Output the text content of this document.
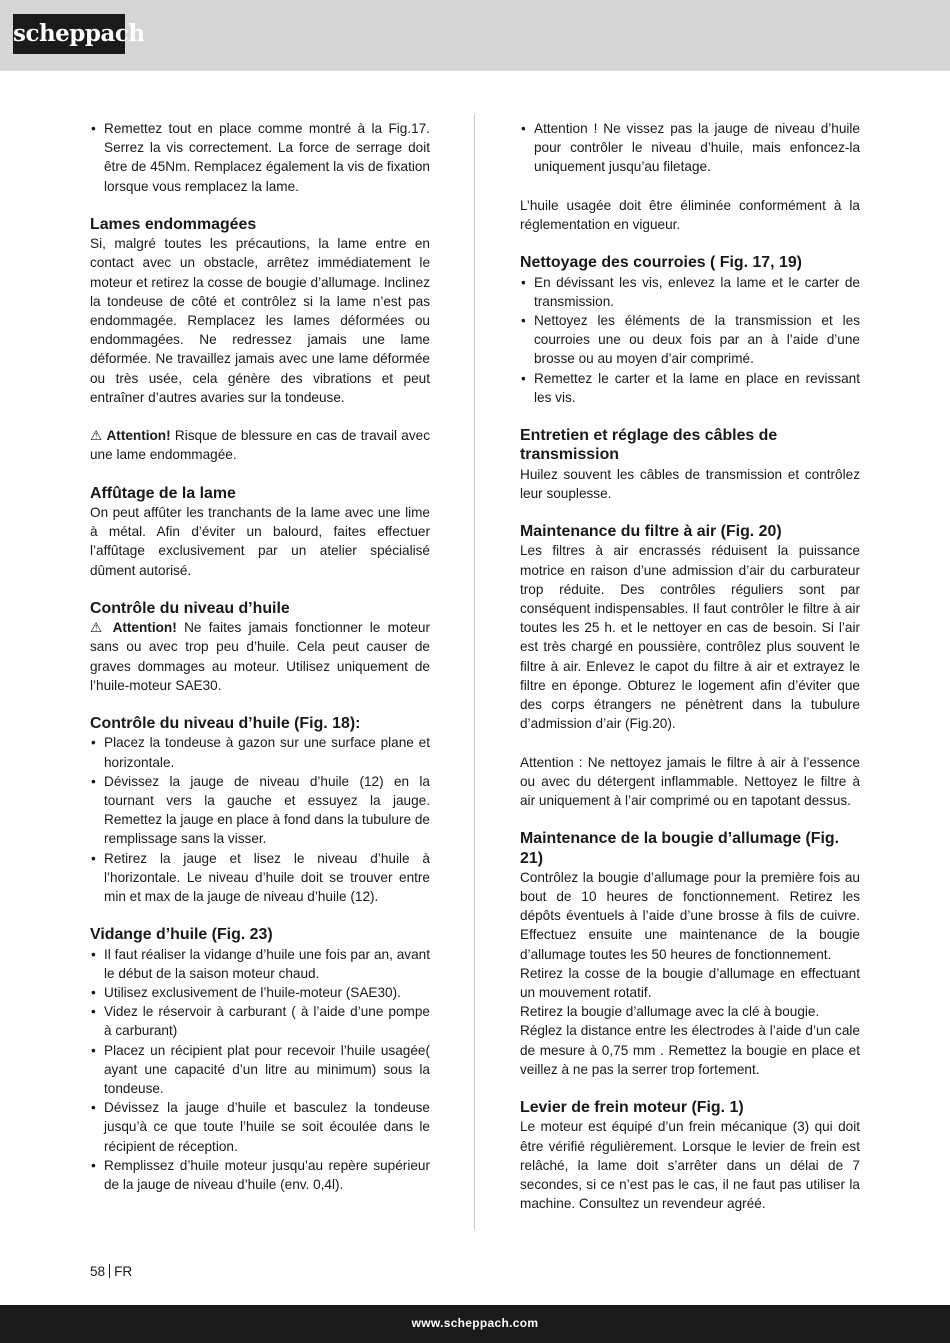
scheppach
• Remettez tout en place comme montré à la Fig.17. Serrez la vis correctement. La force de serrage doit être de 45Nm. Remplacez également la vis de fixation lorsque vous remplacez la lame.
Lames endommagées

Si, malgré toutes les précautions, la lame entre en contact avec un obstacle, arrêtez immédiatement le moteur et retirez la cosse de bougie d’allumage. Inclinez la tondeuse de côté et contrôlez si la lame n’est pas endommagée. Remplacez les lames déformées ou endommagées. Ne redressez jamais une lame déformée. Ne travaillez jamais avec une lame déformée ou très usée, cela génère des vibrations et peut entraîner d’autres avaries sur la tondeuse.

⚠ Attention! Risque de blessure en cas de travail avec une lame endommagée.

Affûtage de la lame

On peut affûter les tranchants de la lame avec une lime à métal. Afin d’éviter un balourd, faites effectuer l’affûtage exclusivement par un atelier spécialisé dûment autorisé.

Contrôle du niveau d’huile

⚠ Attention! Ne faites jamais fonctionner le moteur sans ou avec trop peu d’huile. Cela peut causer de graves dommages au moteur. Utilisez uniquement de l’huile-moteur SAE30.

Contrôle du niveau d’huile (Fig. 18):
• Placez la tondeuse à gazon sur une surface plane et horizontale.
• Dévissez la jauge de niveau d’huile (12) en la tournant vers la gauche et essuyez la jauge. Remettez la jauge en place à fond dans la tubulure de remplissage sans la visser.
• Retirez la jauge et lisez le niveau d’huile à l’horizontale. Le niveau d’huile doit se trouver entre min et max de la jauge de niveau d’huile (12).
Vidange d’huile (Fig. 23)
• Il faut réaliser la vidange d’huile une fois par an, avant le début de la saison moteur chaud.
• Utilisez exclusivement de l’huile-moteur (SAE30).
• Videz le réservoir à carburant ( à l’aide d’une pompe à carburant)
• Placez un récipient plat pour recevoir l’huile usagée( ayant une capacité d’un litre au minimum) sous la tondeuse.
• Dévissez la jauge d’huile et basculez la tondeuse jusqu’à ce que toute l’huile se soit écoulée dans le récipient de réception.
• Remplissez d’huile moteur jusqu’au repère supérieur de la jauge de niveau d’huile (env. 0,4l).
• Attention ! Ne vissez pas la jauge de niveau d’huile pour contrôler le niveau d’huile, mais enfoncez-la uniquement jusqu’au filetage.

L’huile usagée doit être éliminée conformément à la réglementation en vigueur.

Nettoyage des courroies ( Fig. 17, 19)
• En dévissant les vis, enlevez la lame et le carter de transmission.
• Nettoyez les éléments de la transmission et les courroies une ou deux fois par an à l’aide d’une brosse ou au moyen d’air comprimé.
• Remettez le carter et la lame en place en revissant les vis.
Entretien et réglage des câbles de transmission

Huilez souvent les câbles de transmission et contrôlez leur souplesse.

Maintenance du filtre à air (Fig. 20)

Les filtres à air encrassés réduisent la puissance motrice en raison d’une admission d’air du carburateur trop réduite. Des contrôles réguliers sont par conséquent indispensables. Il faut contrôler le filtre à air toutes les 25 h. et le nettoyer en cas de besoin. Si l’air est très chargé en poussière, contrôlez plus souvent le filtre à air. Enlevez le capot du filtre à air et extrayez le filtre en éponge. Obturez le logement afin d’éviter que des corps étrangers ne pénètrent dans la tubulure d’admission d’air (Fig.20).

Attention : Ne nettoyez jamais le filtre à air à l’essence ou avec du détergent inflammable. Nettoyez le filtre à air uniquement à l’air comprimé ou en tapotant dessus.

Maintenance de la bougie d’allumage (Fig. 21)

Contrôlez la bougie d’allumage pour la première fois au bout de 10 heures de fonctionnement. Retirez les dépôts éventuels à l’aide d’une brosse à fils de cuivre. Effectuez ensuite une maintenance de la bougie d’allumage toutes les 50 heures de fonctionnement.

Retirez la cosse de la bougie d’allumage en effectuant un mouvement rotatif.

Retirez la bougie d’allumage avec la clé à bougie.

Réglez la distance entre les électrodes à l’aide d’un cale de mesure à 0,75 mm . Remettez la bougie en place et veillez à ne pas la serrer trop fortement.

Levier de frein moteur (Fig. 1)

Le moteur est équipé d’un frein mécanique (3) qui doit être vérifié régulièrement. Lorsque le levier de frein est relâché, la lame doit s’arrêter dans un délai de 7 secondes, si ce n’est pas le cas, il ne faut pas utiliser la machine. Consultez un revendeur agréé.

58 FR
www.scheppach.com
